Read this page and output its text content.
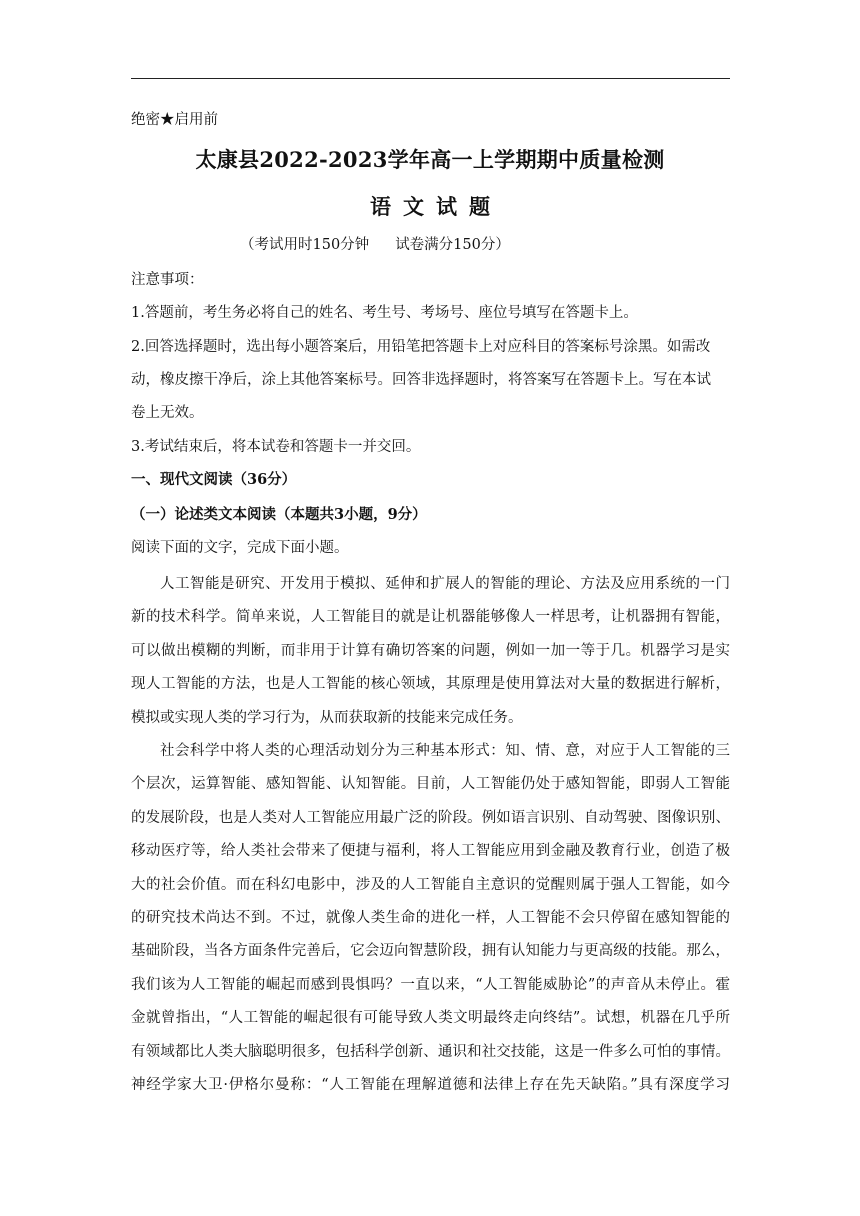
绝密★启用前
太康县2022-2023学年高一上学期期中质量检测
语文试题
（考试用时150分钟 试卷满分150分）
注意事项：
1.答题前，考生务必将自己的姓名、考生号、考场号、座位号填写在答题卡上。
2.回答选择题时，选出每小题答案后，用铅笔把答题卡上对应科目的答案标号涂黑。如需改
动，橡皮擦干净后，涂上其他答案标号。回答非选择题时，将答案写在答题卡上。写在本试
卷上无效。
3.考试结束后，将本试卷和答题卡一并交回。
一、现代文阅读（36分）
（一）论述类文本阅读（本题共3小题，9分）
阅读下面的文字，完成下面小题。
人工智能是研究、开发用于模拟、延伸和扩展人的智能的理论、方法及应用系统的一门
新的技术科学。简单来说，人工智能目的就是让机器能够像人一样思考，让机器拥有智能，
可以做出模糊的判断，而非用于计算有确切答案的问题，例如一加一等于几。机器学习是实
现人工智能的方法，也是人工智能的核心领域，其原理是使用算法对大量的数据进行解析，
模拟或实现人类的学习行为，从而获取新的技能来完成任务。
社会科学中将人类的心理活动划分为三种基本形式：知、情、意，对应于人工智能的三
个层次，运算智能、感知智能、认知智能。目前，人工智能仍处于感知智能，即弱人工智能
的发展阶段，也是人类对人工智能应用最广泛的阶段。例如语言识别、自动驾驶、图像识别、
移动医疗等，给人类社会带来了便捷与福利，将人工智能应用到金融及教育行业，创造了极
大的社会价值。而在科幻电影中，涉及的人工智能自主意识的觉醒则属于强人工智能，如今
的研究技术尚达不到。不过，就像人类生命的进化一样，人工智能不会只停留在感知智能的
基础阶段，当各方面条件完善后，它会迈向智慧阶段，拥有认知能力与更高级的技能。那么，
我们该为人工智能的崛起而感到畏惧吗？一直以来，“人工智能威胁论”的声音从未停止。霍
金就曾指出，“人工智能的崛起很有可能导致人类文明最终走向终结”。试想，机器在几乎所
有领域都比人类大脑聪明很多，包括科学创新、通识和社交技能，这是一件多么可怕的事情。
神经学家大卫·伊格尔曼称：“人工智能在理解道德和法律上存在先天缺陷。”具有深度学习
